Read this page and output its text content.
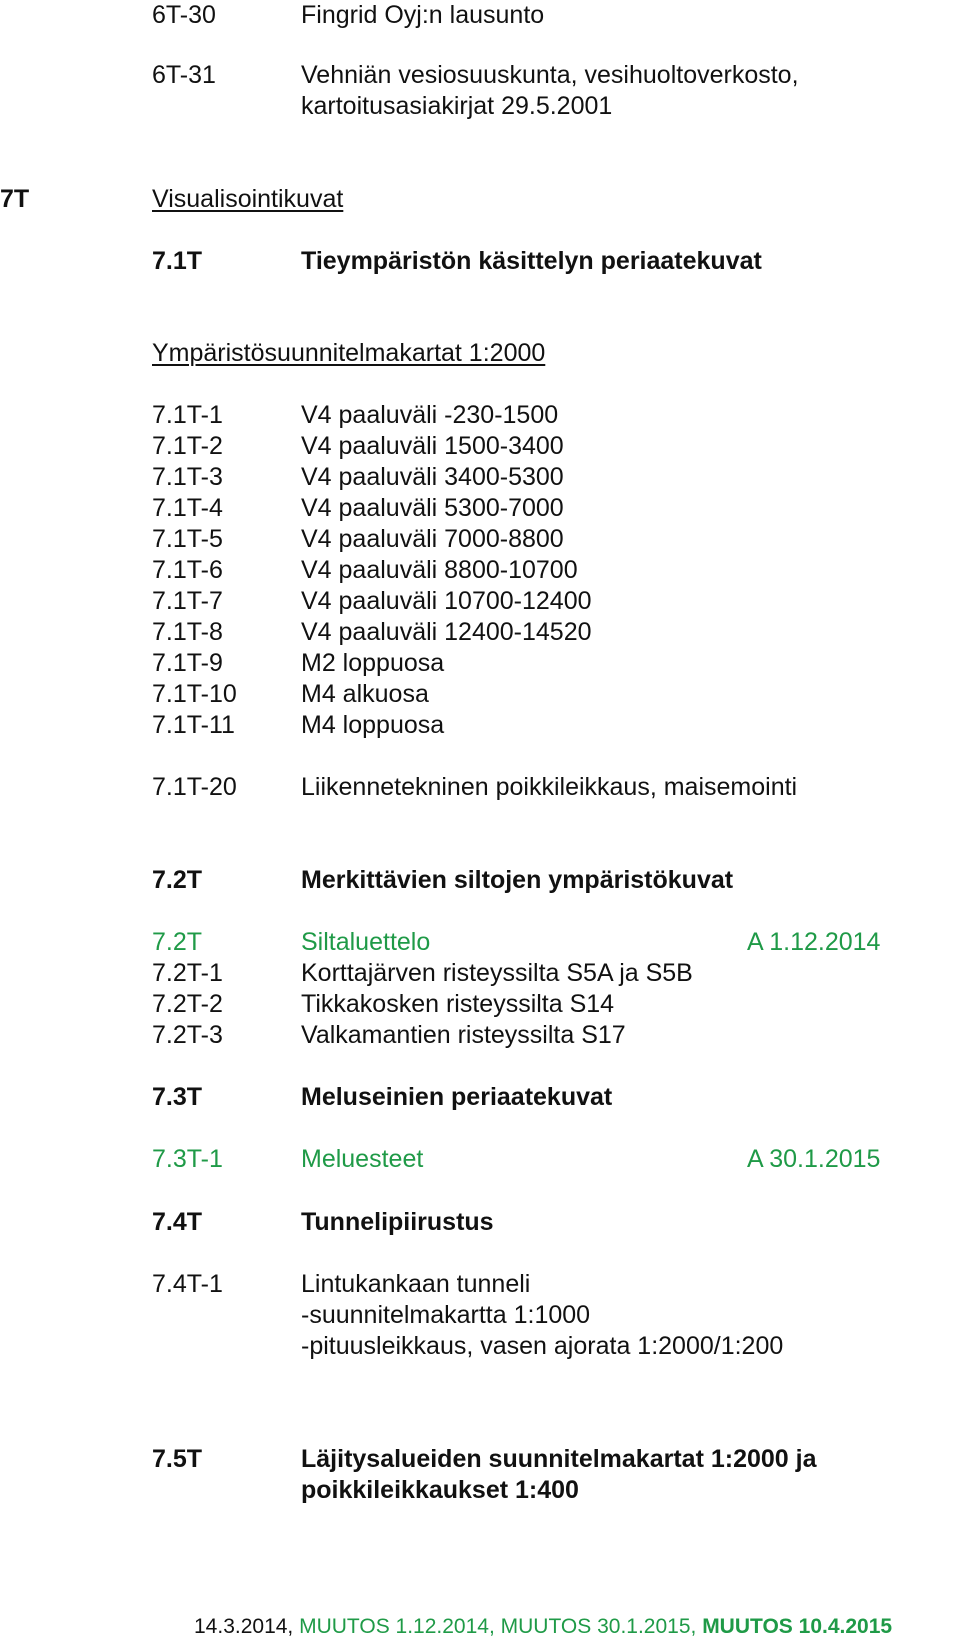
6T-30	Fingrid Oyj:n lausunto
6T-31	Vehniän vesiosuuskunta, vesihuoltoverkosto,
kartoitusasiakirjat 29.5.2001
7T	Visualisointikuvat
7.1T	Tieympäristön käsittelyn periaatekuvat
Ympäristösuunnitelmakartat 1:2000
7.1T-1	V4 paaluväli -230-1500
7.1T-2	V4 paaluväli 1500-3400
7.1T-3	V4 paaluväli 3400-5300
7.1T-4	V4 paaluväli 5300-7000
7.1T-5	V4 paaluväli 7000-8800
7.1T-6	V4 paaluväli 8800-10700
7.1T-7	V4 paaluväli 10700-12400
7.1T-8	V4 paaluväli 12400-14520
7.1T-9	M2 loppuosa
7.1T-10	M4 alkuosa
7.1T-11	M4 loppuosa
7.1T-20	Liikennetekninen poikkileikkaus, maisemointi
7.2T	Merkittävien siltojen ympäristökuvat
7.2T	Siltaluettelo	A 1.12.2014
7.2T-1	Korttajärven risteyssilta S5A ja S5B
7.2T-2	Tikkakosken risteyssilta S14
7.2T-3	Valkamantien risteyssilta S17
7.3T	Meluseinien periaatekuvat
7.3T-1	Meluesteet	A 30.1.2015
7.4T	Tunnelipiirustus
7.4T-1	Lintukankaan tunneli
-suunnitelmakartta 1:1000
-pituusleikkaus, vasen ajorata 1:2000/1:200
7.5T	Läjitysalueiden suunnitelmakartat 1:2000 ja
poikkileikkaukset 1:400
14.3.2014, MUUTOS 1.12.2014, MUUTOS 30.1.2015, MUUTOS 10.4.2015
